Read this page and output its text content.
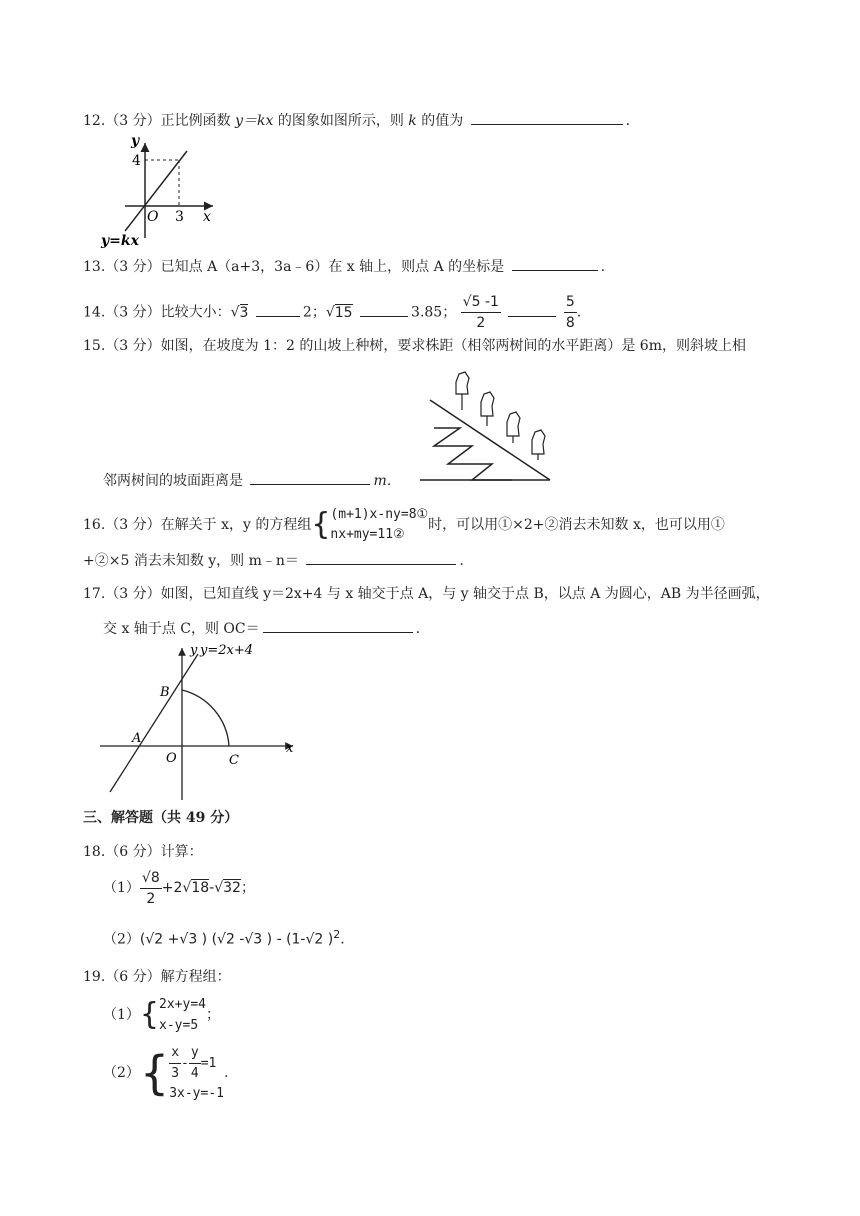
12.（3 分）正比例函数 y＝kx 的图象如图所示，则 k 的值为	.
y
4
O 3 x
y=kx
13.（3 分）已知点 A（a+3，3a﹣6）在 x 轴上，则点 A 的坐标是	.
14.（3 分）比较大小：√3	2；√15	3.85； $\frac{√5 -1}{2}$
	$\frac{5}{8}$ .
15.（3 分）如图，在坡度为 1：2 的山坡上种树，要求株距（相邻两树间的水平距离）是 6m，则斜坡上相
邻两树间的坡面距离是	m．
16.（3 分）在解关于 x，y 的方程组{ (m+1)x-ny=8①
nx+my=11②
时，可以用①×2+②消去未知数 x，也可以用①
+②×5 消去未知数 y，则 m﹣n＝	.
17.（3 分）如图，已知直线 y＝2x+4 与 x 轴交于点 A，与 y 轴交于点 B，以点 A 为圆心，AB 为半径画弧，
交 x 轴于点 C，则 OC＝	.
y y=2x+4
B
A
O	C
x
三、解答题（共 49 分）
18.（6 分）计算：
$(1) \frac{√8}{2} +2√18-√32$；
（2）(√2 +√3 ) (√2 -√3 ) - (1-√2 )$^2$.
19.（6 分）解方程组：
（1）{ 2x+y=4
x-y=5
；
$(2)\{ \frac{x}{3} - \frac{y}{4} =1$
3x-y=-1
.
